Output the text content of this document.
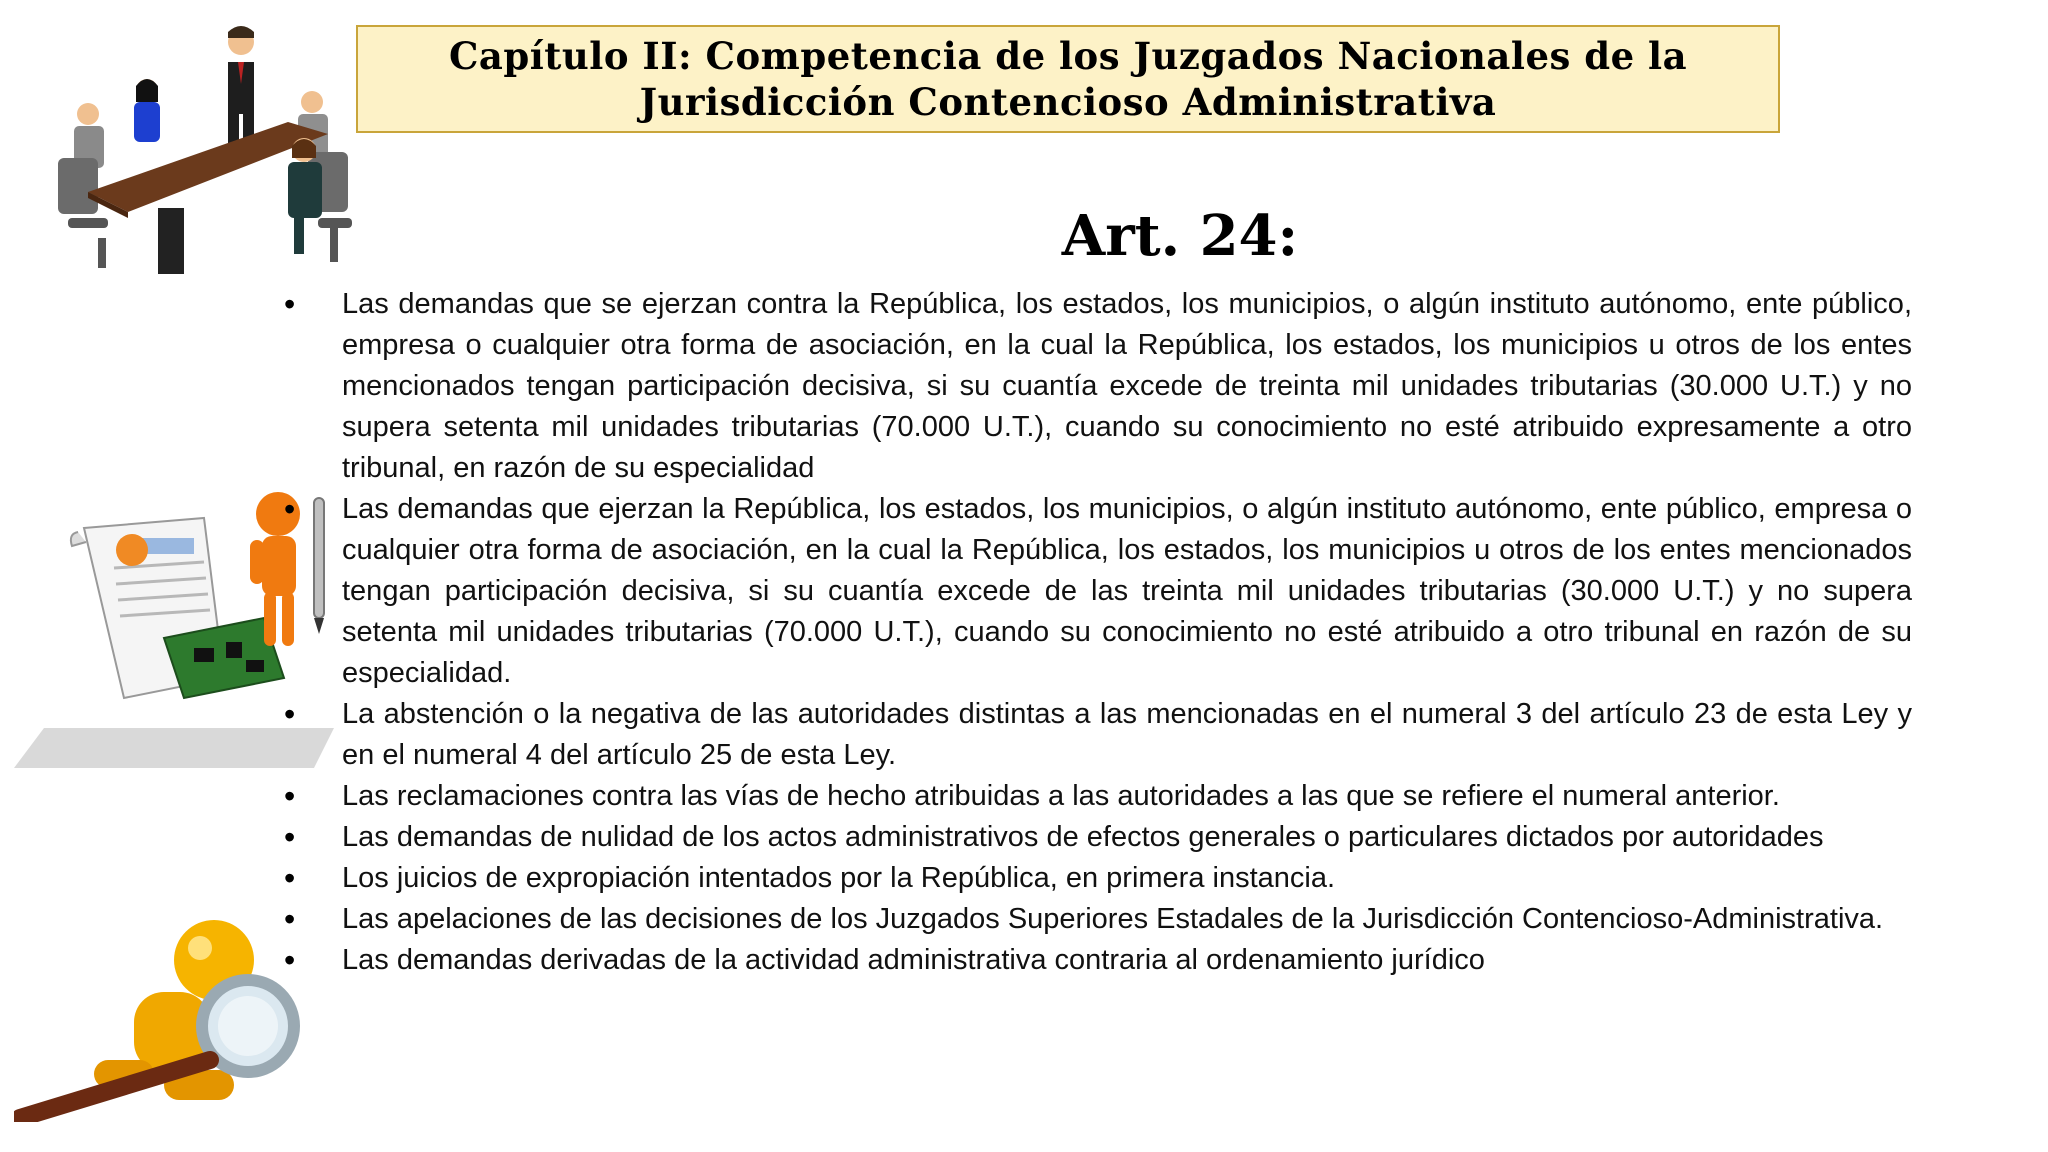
Capítulo II: Competencia de los Juzgados Nacionales de la Jurisdicción Contencioso Administrativa
Art. 24:
• Las demandas que se ejerzan contra la República, los estados, los municipios, o algún instituto autónomo, ente público, empresa o cualquier otra forma de asociación, en la cual la República, los estados, los municipios u otros de los entes mencionados tengan participación decisiva, si su cuantía excede de treinta mil unidades tributarias (30.000 U.T.) y no supera setenta mil unidades tributarias (70.000 U.T.), cuando su conocimiento no esté atribuido expresamente a otro tribunal, en razón de su especialidad
• Las demandas que ejerzan la República, los estados, los municipios, o algún instituto autónomo, ente público, empresa o cualquier otra forma de asociación, en la cual la República, los estados, los municipios u otros de los entes mencionados tengan participación decisiva, si su cuantía excede de las treinta mil unidades tributarias (30.000 U.T.) y no supera setenta mil unidades tributarias (70.000 U.T.), cuando su conocimiento no esté atribuido a otro tribunal en razón de su especialidad.
• La abstención o la negativa de las autoridades distintas a las mencionadas en el numeral 3 del artículo 23 de esta Ley y en el numeral 4 del artículo 25 de esta Ley.
• Las reclamaciones contra las vías de hecho atribuidas a las autoridades a las que se refiere el numeral anterior.
• Las demandas de nulidad de los actos administrativos de efectos generales o particulares dictados por autoridades
• Los juicios de expropiación intentados por la República, en primera instancia.
• Las apelaciones de las decisiones de los Juzgados Superiores Estadales de la Jurisdicción Contencioso-Administrativa.
• Las demandas derivadas de la actividad administrativa contraria al ordenamiento jurídico
